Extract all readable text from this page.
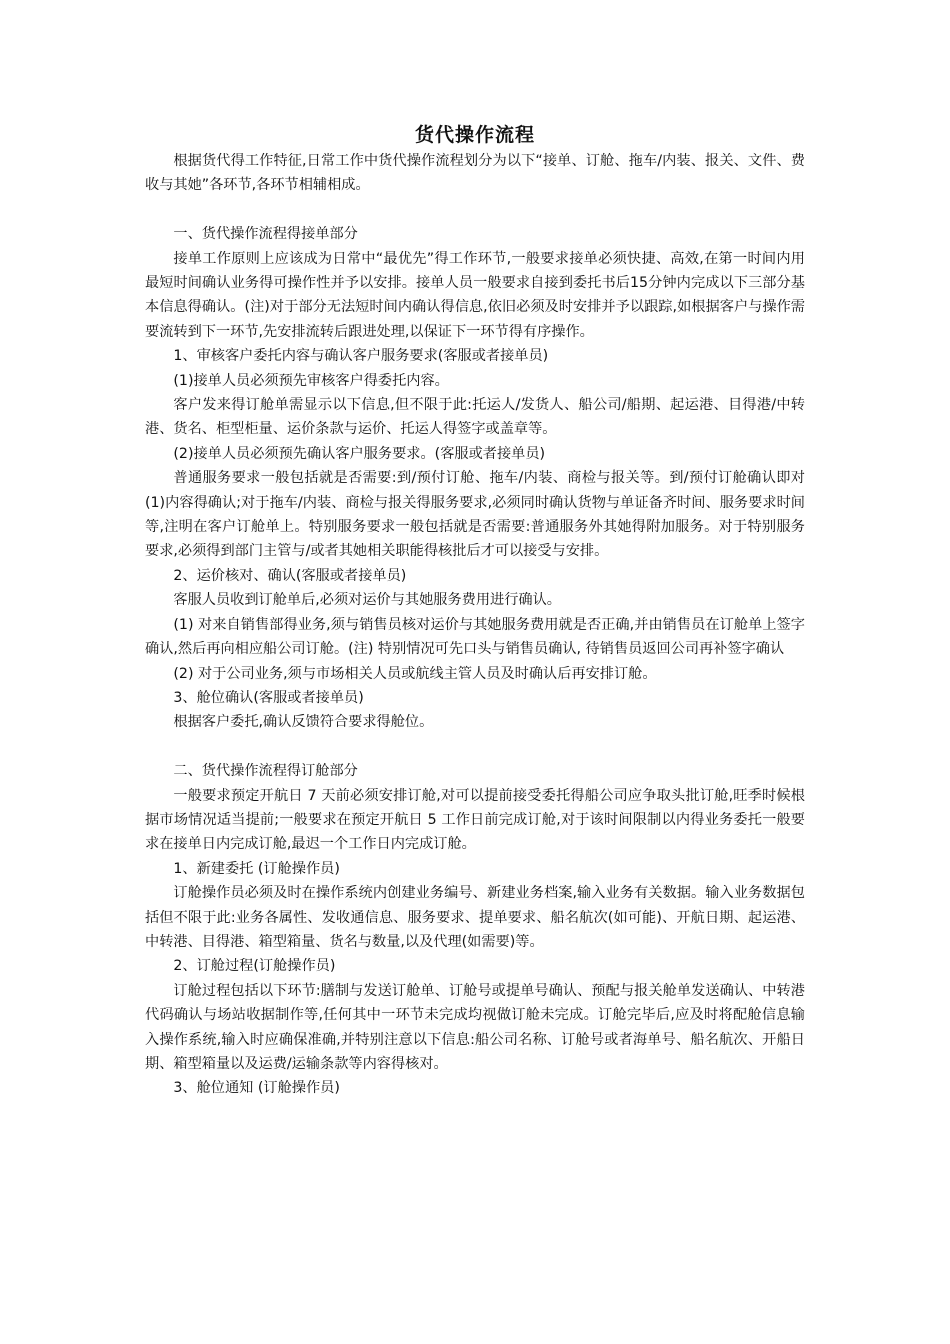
货代操作流程

根据货代得工作特征,日常工作中货代操作流程划分为以下“接单、订舱、拖车/内装、报关、文件、费收与其她”各环节,各环节相辅相成。

一、货代操作流程得接单部分

接单工作原则上应该成为日常中“最优先”得工作环节,一般要求接单必须快捷、高效,在第一时间内用最短时间确认业务得可操作性并予以安排。接单人员一般要求自接到委托书后15分钟内完成以下三部分基本信息得确认。(注)对于部分无法短时间内确认得信息,依旧必须及时安排并予以跟踪,如根据客户与操作需要流转到下一环节,先安排流转后跟进处理,以保证下一环节得有序操作。

1、审核客户委托内容与确认客户服务要求(客服或者接单员)

(1)接单人员必须预先审核客户得委托内容。

客户发来得订舱单需显示以下信息,但不限于此:托运人/发货人、船公司/船期、起运港、目得港/中转港、货名、柜型柜量、运价条款与运价、托运人得签字或盖章等。

(2)接单人员必须预先确认客户服务要求。(客服或者接单员)

普通服务要求一般包括就是否需要:到/预付订舱、拖车/内装、商检与报关等。到/预付订舱确认即对(1)内容得确认;对于拖车/内装、商检与报关得服务要求,必须同时确认货物与单证备齐时间、服务要求时间等,注明在客户订舱单上。特别服务要求一般包括就是否需要:普通服务外其她得附加服务。对于特别服务要求,必须得到部门主管与/或者其她相关职能得核批后才可以接受与安排。

2、运价核对、确认(客服或者接单员)

客服人员收到订舱单后,必须对运价与其她服务费用进行确认。

(1) 对来自销售部得业务,须与销售员核对运价与其她服务费用就是否正确,并由销售员在订舱单上签字确认,然后再向相应船公司订舱。(注) 特别情况可先口头与销售员确认, 待销售员返回公司再补签字确认

(2) 对于公司业务,须与市场相关人员或航线主管人员及时确认后再安排订舱。

3、舱位确认(客服或者接单员)

根据客户委托,确认反馈符合要求得舱位。

二、货代操作流程得订舱部分

一般要求预定开航日 7 天前必须安排订舱,对可以提前接受委托得船公司应争取头批订舱,旺季时候根据市场情况适当提前;一般要求在预定开航日 5 工作日前完成订舱,对于该时间限制以内得业务委托一般要求在接单日内完成订舱,最迟一个工作日内完成订舱。

1、新建委托 (订舱操作员)

订舱操作员必须及时在操作系统内创建业务编号、新建业务档案,输入业务有关数据。输入业务数据包括但不限于此:业务各属性、发收通信息、服务要求、提单要求、船名航次(如可能)、开航日期、起运港、中转港、目得港、箱型箱量、货名与数量,以及代理(如需要)等。

2、订舱过程(订舱操作员)

订舱过程包括以下环节:膳制与发送订舱单、订舱号或提单号确认、预配与报关舱单发送确认、中转港代码确认与场站收据制作等,任何其中一环节未完成均视做订舱未完成。订舱完毕后,应及时将配舱信息输入操作系统,输入时应确保准确,并特别注意以下信息:船公司名称、订舱号或者海单号、船名航次、开船日期、箱型箱量以及运费/运输条款等内容得核对。

3、舱位通知 (订舱操作员)
